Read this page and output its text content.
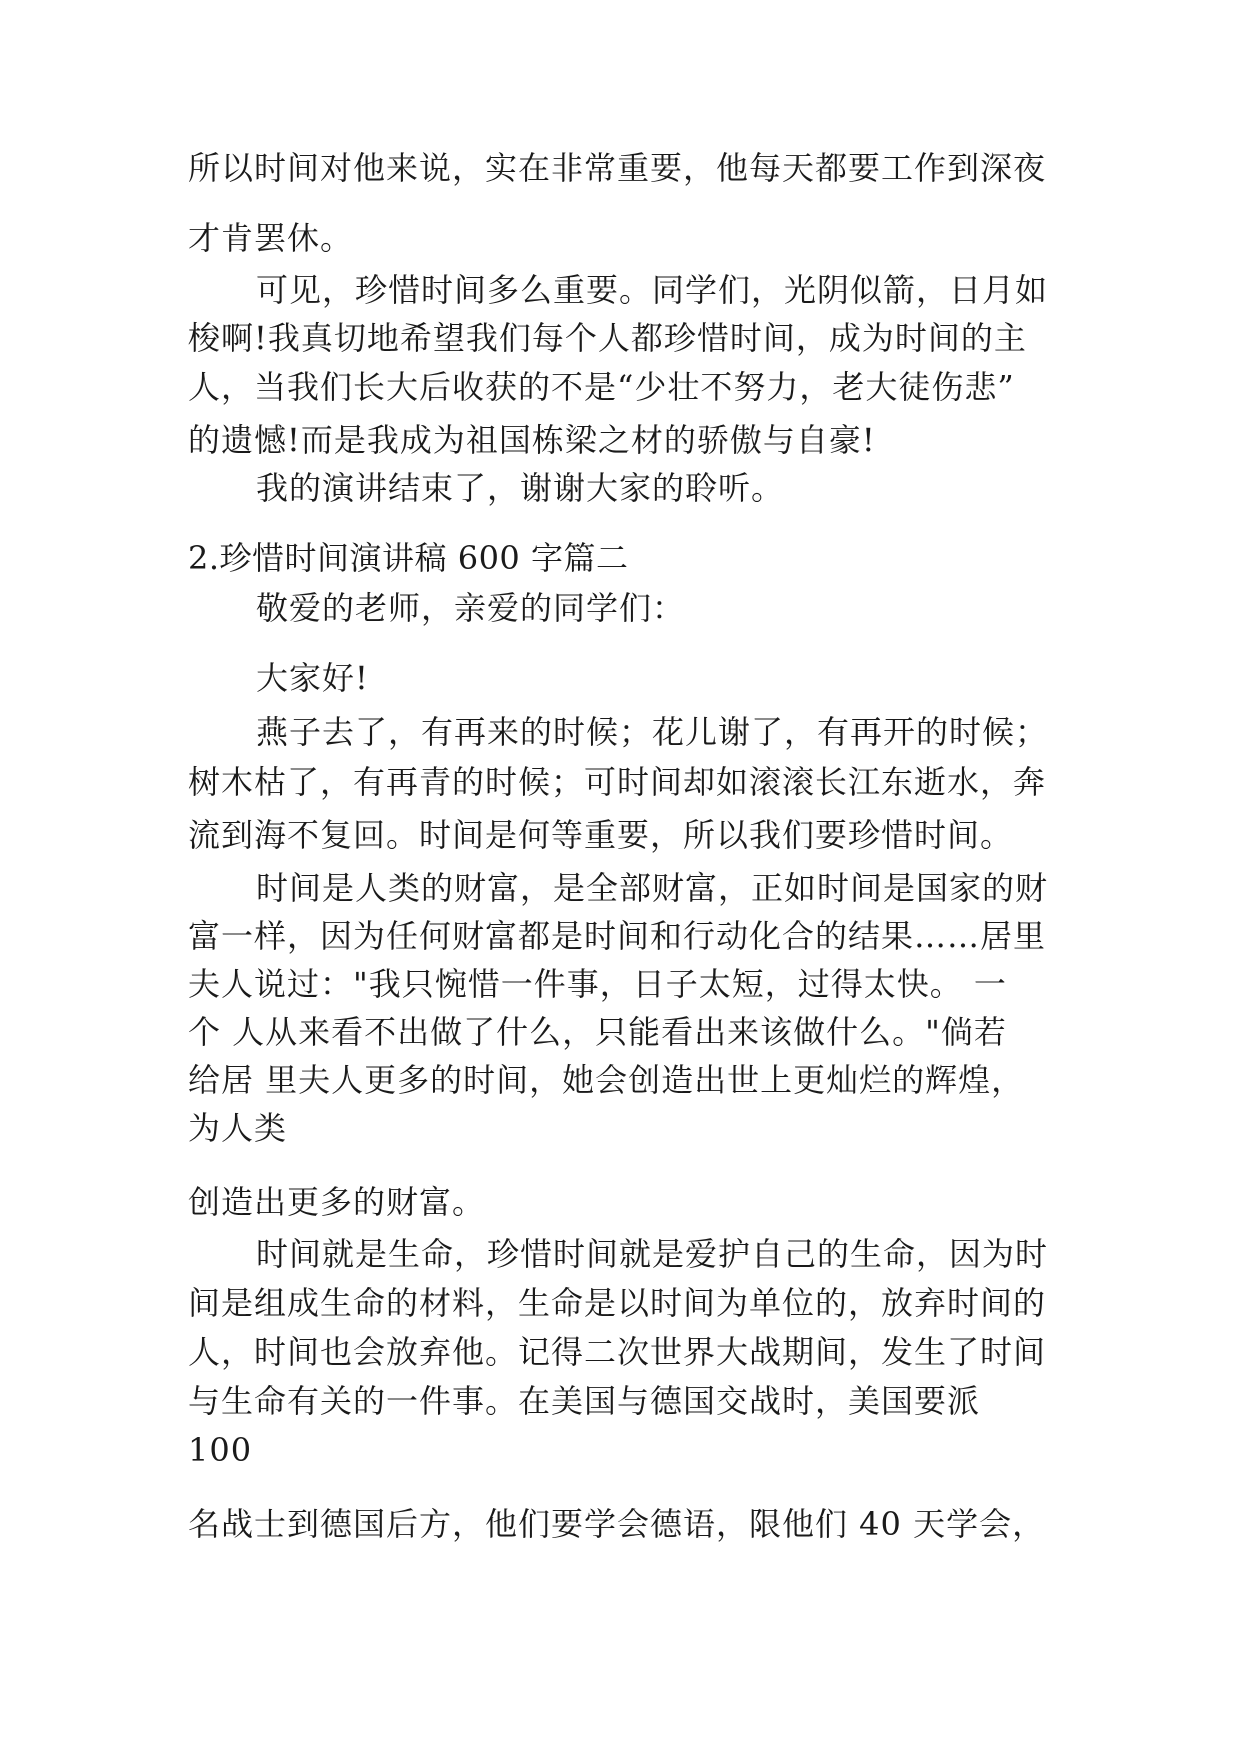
所以时间对他来说，实在非常重要，他每天都要工作到深夜
才肯罢休。
可见，珍惜时间多么重要。同学们，光阴似箭，日月如
梭啊!我真切地希望我们每个人都珍惜时间，成为时间的主
人，当我们长大后收获的不是“少壮不努力，老大徒伤悲”
的遗憾!而是我成为祖国栋梁之材的骄傲与自豪!
我的演讲结束了，谢谢大家的聆听。
2.珍惜时间演讲稿 600 字篇二
敬爱的老师，亲爱的同学们：
大家好!
燕子去了，有再来的时候；花儿谢了，有再开的时候；
树木枯了，有再青的时候；可时间却如滚滚长江东逝水，奔
流到海不复回。时间是何等重要，所以我们要珍惜时间。
时间是人类的财富，是全部财富，正如时间是国家的财
富一样，因为任何财富都是时间和行动化合的结果……居里
夫人说过："我只惋惜一件事，日子太短，过得太快。 一
个 人从来看不出做了什么，只能看出来该做什么。"倘若
给居 里夫人更多的时间，她会创造出世上更灿烂的辉煌，
为人类
创造出更多的财富。
时间就是生命，珍惜时间就是爱护自己的生命，因为时
间是组成生命的材料，生命是以时间为单位的，放弃时间的
人，时间也会放弃他。记得二次世界大战期间，发生了时间
与生命有关的一件事。在美国与德国交战时，美国要派
100
名战士到德国后方，他们要学会德语，限他们 40 天学会，
